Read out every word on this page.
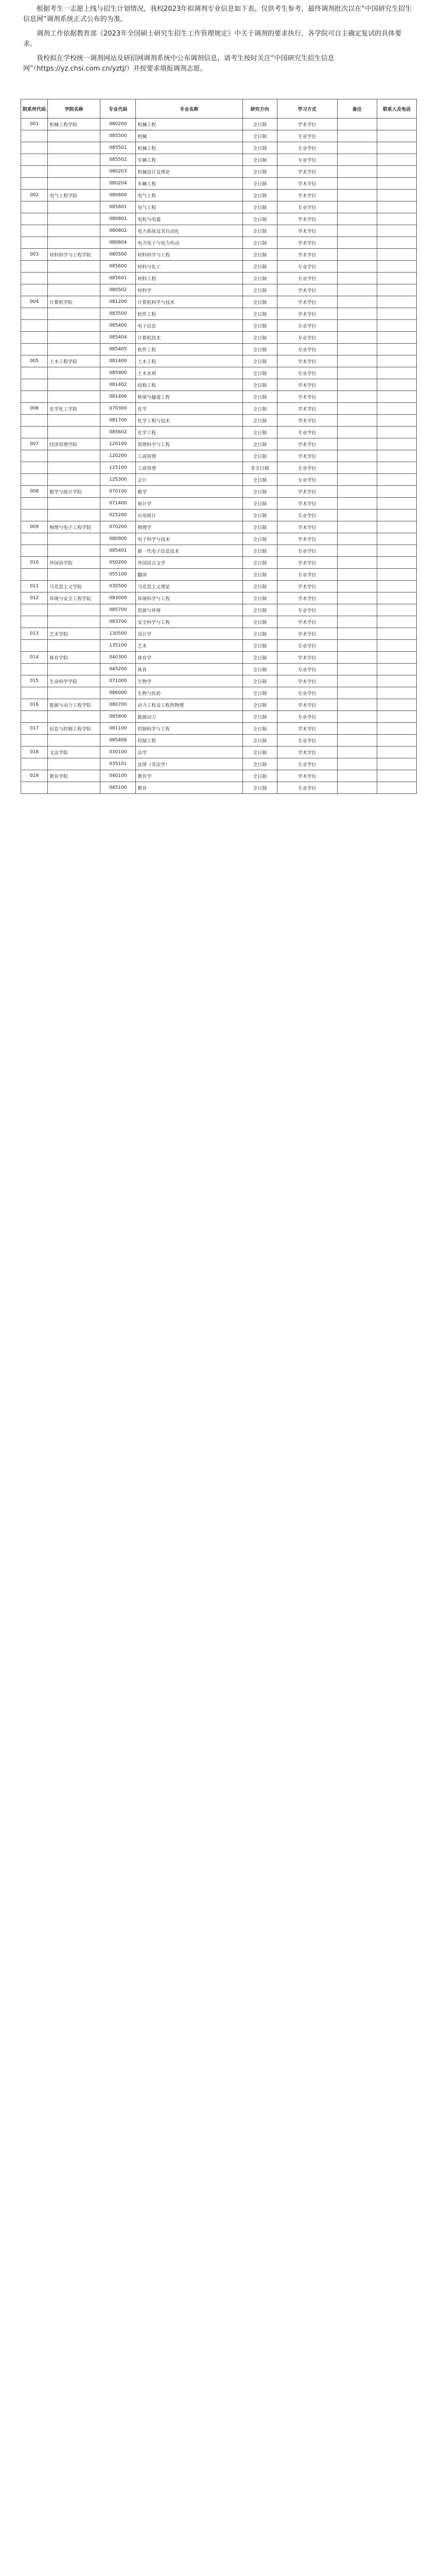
根据考生一志愿上线与招生计划情况，我校2023年拟调剂专业信息如下表。仅供考生参考，最终调剂批次以在“中国研究生招生信息网”调剂系统正式公布的为准。

调剂工作依据教育部《2023年全国硕士研究生招生工作管理规定》中关于调剂的要求执行，各学院可自主确定复试的具体要求。

我校拟在学校统一调剂网站及研招网调剂系统中公布调剂信息，请考生按时关注“中国研究生招生信息网”（https://yz.chsi.com.cn/yztj/）并按要求填报调剂志愿。

院系所代码	学院名称	专业代码	专业名称	研究方向	学习方式	备注	联系人及电话
001	机械工程学院	080200	机械工程	全日制	学术学位		
		085500	机械	全日制	专业学位		
		085501	机械工程	全日制	专业学位		
		085502	车辆工程	全日制	专业学位		
		080203	机械设计及理论	全日制	学术学位		
		080204	车辆工程	全日制	学术学位		
002	电气工程学院	080800	电气工程	全日制	学术学位		
		085801	电气工程	全日制	专业学位		
		080801	电机与电器	全日制	学术学位		
		080802	电力系统及其自动化	全日制	学术学位		
		080804	电力电子与电力传动	全日制	学术学位		
003	材料科学与工程学院	080500	材料科学与工程	全日制	学术学位		
		085600	材料与化工	全日制	专业学位		
		085601	材料工程	全日制	专业学位		
		080502	材料学	全日制	学术学位		
004	计算机学院	081200	计算机科学与技术	全日制	学术学位		
		083500	软件工程	全日制	学术学位		
		085400	电子信息	全日制	专业学位		
		085404	计算机技术	全日制	专业学位		
		085405	软件工程	全日制	专业学位		
005	土木工程学院	081400	土木工程	全日制	学术学位		
		085900	土木水利	全日制	专业学位		
		081402	结构工程	全日制	学术学位		
		081406	桥梁与隧道工程	全日制	学术学位		
006	化学化工学院	070300	化学	全日制	学术学位		
		081700	化学工程与技术	全日制	学术学位		
		085602	化学工程	全日制	专业学位		
007	经济管理学院	120100	管理科学与工程	全日制	学术学位		
		120200	工商管理	全日制	学术学位		
		125100	工商管理	非全日制	专业学位		
		125300	会计	全日制	专业学位		
008	数学与统计学院	070100	数学	全日制	学术学位		
		071400	统计学	全日制	学术学位		
		025200	应用统计	全日制	专业学位		
009	物理与电子工程学院	070200	物理学	全日制	学术学位		
		080900	电子科学与技术	全日制	学术学位		
		085401	新一代电子信息技术	全日制	专业学位		
010	外国语学院	050200	外国语言文学	全日制	学术学位		
		055100	翻译	全日制	专业学位		
011	马克思主义学院	030500	马克思主义理论	全日制	学术学位		
012	环境与安全工程学院	083000	环境科学与工程	全日制	学术学位		
		085700	资源与环境	全日制	专业学位		
		083700	安全科学与工程	全日制	学术学位		
013	艺术学院	130500	设计学	全日制	学术学位		
		135100	艺术	全日制	专业学位		
014	体育学院	040300	体育学	全日制	学术学位		
		045200	体育	全日制	专业学位		
015	生命科学学院	071000	生物学	全日制	学术学位		
		086000	生物与医药	全日制	专业学位		
016	能源与动力工程学院	080700	动力工程及工程热物理	全日制	学术学位		
		085800	能源动力	全日制	专业学位		
017	信息与控制工程学院	081100	控制科学与工程	全日制	学术学位		
		085406	控制工程	全日制	专业学位		
018	文法学院	030100	法学	全日制	学术学位		
		035101	法律（非法学）	全日制	专业学位		
019	教育学院	040100	教育学	全日制	学术学位		
		045100	教育	全日制	专业学位		
